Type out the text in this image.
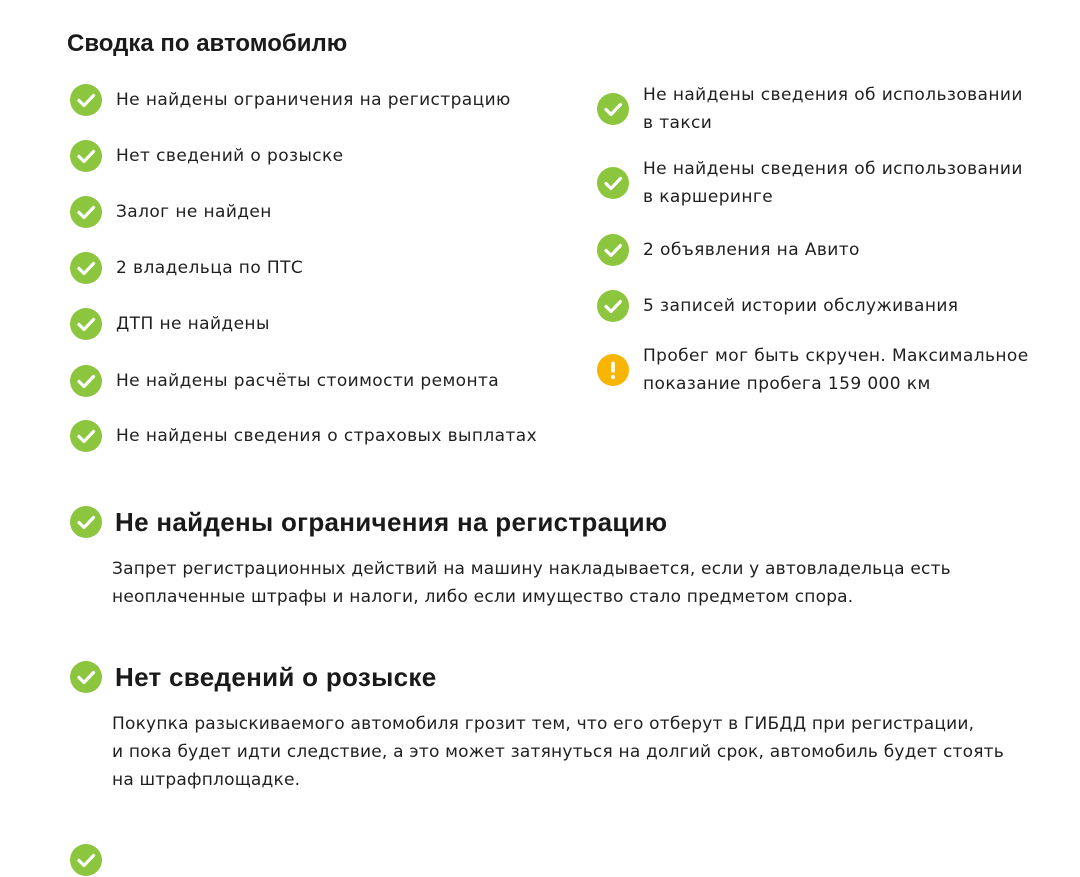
Сводка по автомобилю
Не найдены ограничения на регистрацию
Нет сведений о розыске
Залог не найден
2 владельца по ПТС
ДТП не найдены
Не найдены расчёты стоимости ремонта
Не найдены сведения о страховых выплатах
Не найдены сведения об использовании
в такси
Не найдены сведения об использовании
в каршеринге
2 объявления на Авито
5 записей истории обслуживания
Пробег мог быть скручен. Максимальное
показание пробега 159 000 км
Не найдены ограничения на регистрацию

Запрет регистрационных действий на машину накладывается, если у автовладельца есть
неоплаченные штрафы и налоги, либо если имущество стало предметом спора.

Нет сведений о розыске

Покупка разыскиваемого автомобиля грозит тем, что его отберут в ГИБДД при регистрации,
и пока будет идти следствие, а это может затянуться на долгий срок, автомобиль будет стоять
на штрафплощадке.
